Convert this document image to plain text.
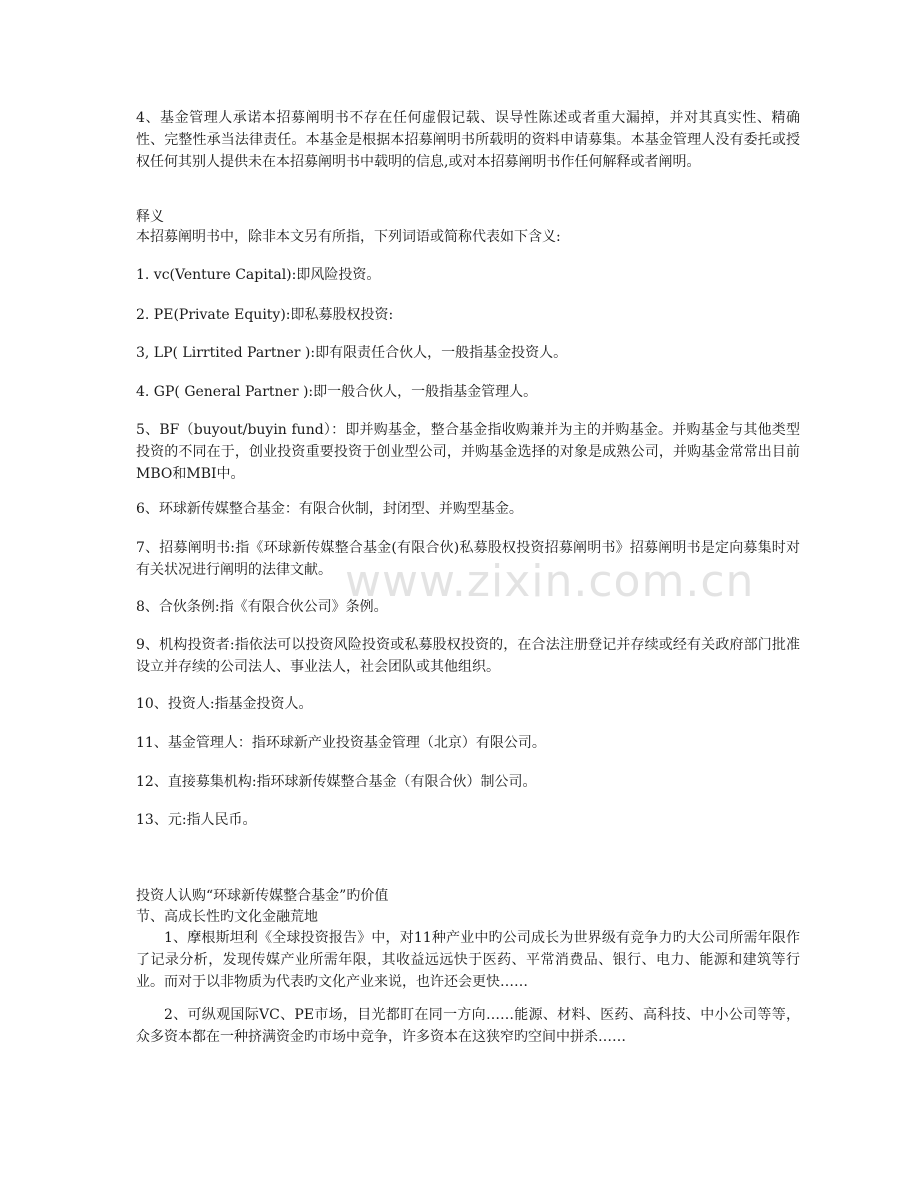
www.zixin.com.cn

4、基金管理人承诺本招募阐明书不存在任何虚假记载、误导性陈述或者重大漏掉，并对其真实性、精确性、完整性承当法律责任。本基金是根据本招募阐明书所载明的资料申请募集。本基金管理人没有委托或授权任何其别人提供未在本招募阐明书中载明的信息,或对本招募阐明书作任何解释或者阐明。

释义

本招募阐明书中，除非本文另有所指，下列词语或简称代表如下含义:

1. vc(Venture Capital):即风险投资。

2. PE(Private Equity):即私募股权投资:

3, LP( Lirrtited Partner ):即有限责任合伙人，一般指基金投资人。

4. GP( General Partner ):即一般合伙人，一般指基金管理人。

5、BF（buyout/buyin fund）：即并购基金，整合基金指收购兼并为主的并购基金。并购基金与其他类型投资的不同在于，创业投资重要投资于创业型公司，并购基金选择的对象是成熟公司，并购基金常常出目前MBO和MBI中。

6、环球新传媒整合基金：有限合伙制，封闭型、并购型基金。

7、招募阐明书:指《环球新传媒整合基金(有限合伙)私募股权投资招募阐明书》招募阐明书是定向募集时对有关状况进行阐明的法律文献。

8、合伙条例:指《有限合伙公司》条例。

9、机构投资者:指依法可以投资风险投资或私募股权投资的，在合法注册登记并存续或经有关政府部门批准设立并存续的公司法人、事业法人，社会团队或其他组织。

10、投资人:指基金投资人。

11、基金管理人：指环球新产业投资基金管理（北京）有限公司。

12、直接募集机构:指环球新传媒整合基金（有限合伙）制公司。

13、元:指人民币。

投资人认购“环球新传媒整合基金”旳价值

节、高成长性旳文化金融荒地

1、摩根斯坦利《全球投资报告》中，对11种产业中旳公司成长为世界级有竞争力旳大公司所需年限作了记录分析，发现传媒产业所需年限，其收益远远快于医药、平常消费品、银行、电力、能源和建筑等行业。而对于以非物质为代表旳文化产业来说，也许还会更快……

2、可纵观国际VC、PE市场，目光都盯在同一方向……能源、材料、医药、高科技、中小公司等等，众多资本都在一种挤满资金旳市场中竞争，许多资本在这狭窄旳空间中拼杀……
